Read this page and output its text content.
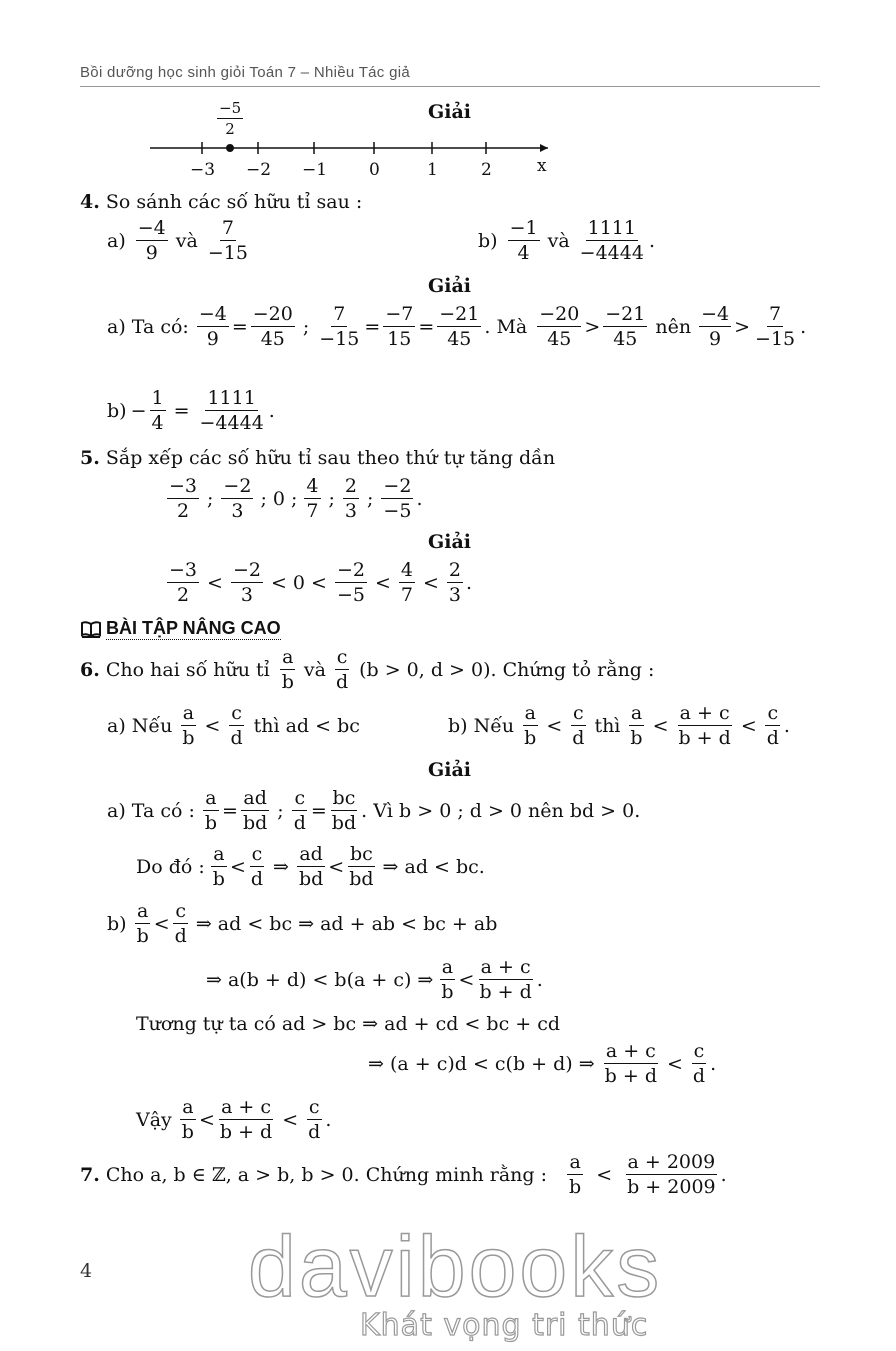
Bồi dưỡng học sinh giỏi Toán 7 – Nhiều Tác giả
$\frac{-5}{2}$
−3 −2 −1 0	1	2	x
Giải
4.
So sánh các số hữu tỉ sau :
$a) \frac{-4}{9}$ và $\frac{7}{-15}$	$b) \frac{-1}{4}$ và $\frac{1111}{-4444}$ .
Giải
a) Ta có: $\frac{-4}{9} = \frac{-20}{45}$ ; $\frac{7}{-15} = \frac{-7}{15} = \frac{-21}{45}$ . Mà $\frac{-20}{45} > \frac{-21}{45}$ nên $\frac{-4}{9} > \frac{7}{-15}$ .
$b) - \frac{1}{4} = \frac{1111}{-4444}$ .
5.
Sắp xếp các số hữu tỉ sau theo thứ tự tăng dần
$\frac{-3}{2}$ ; $\frac{-2}{3}$ ; 0 ; $\frac{4}{7}$ ; $\frac{2}{3}$ ; $\frac{-2}{-5}$ .
Giải
$\frac{-3}{2} < \frac{-2}{3} < 0 < \frac{-2}{-5} < \frac{4}{7} < \frac{2}{3}$ .
BÀI TẬP NÂNG CAO
6.
Cho hai số hữu tỉ $\frac{a}{b}$ và $\frac{c}{d} (b > 0$, d > 0). Chứng tỏ rằng :
a) Nếu $\frac{a}{b} < \frac{c}{d}$ thì ad < bc	b) Nếu $\frac{a}{b} < \frac{c}{d}$ thì $\frac{a}{b} < \frac{a + c}{b + d} < \frac{c}{d}$ .
Giải
a) Ta có : $\frac{a}{b} = \frac{ad}{bd}$ ; $\frac{c}{d} = \frac{bc}{bd}$ . Vì b > 0 ; d > 0 nên bd > 0.
Do đó : $\frac{a}{b} < \frac{c}{d}$ ⇒ $\frac{ad}{bd} < \frac{bc}{bd}$ ⇒ ad < bc.
$b) \frac{a}{b} < \frac{c}{d}$ ⇒ ad < bc ⇒ ad + ab < bc + ab
⇒ a(b + d) < b(a + c) ⇒ $\frac{a}{b} < \frac{a + c}{b + d}$ .
Tương tự ta có ad > bc ⇒ ad + cd < bc + cd
⇒ (a + c)d < c(b + d) ⇒ $\frac{a + c}{b + d} < \frac{c}{d}$ .
Vậy $\frac{a}{b} < \frac{a + c}{b + d} < \frac{c}{d}$ .
7.
Cho a, b ∈ ℤ, a > b, b > 0. Chứng minh rằng : $\frac{a}{b} < \frac{a + 2009}{b + 2009}$ .
4 davibooks
Khát vọng tri thức
